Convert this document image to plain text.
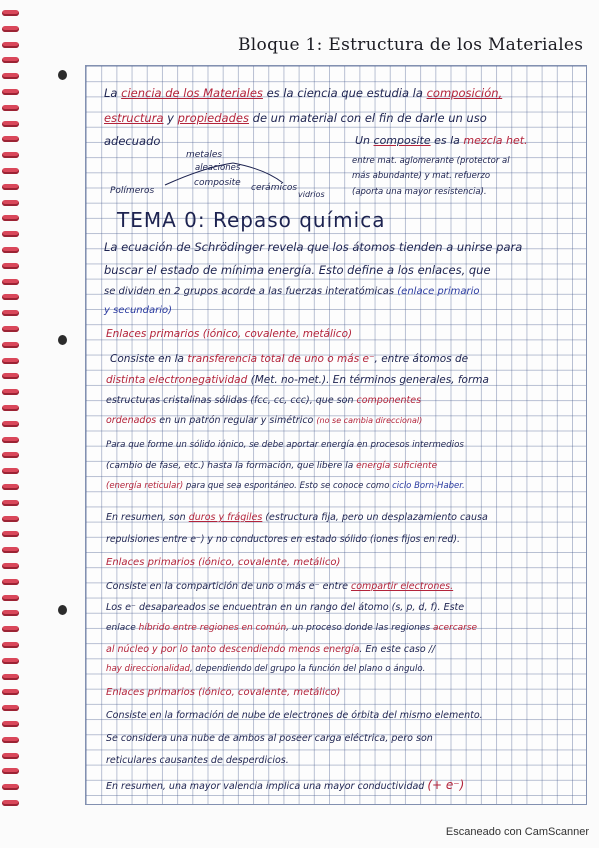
Bloque 1: Estructura de los Materiales
La ciencia de los Materiales es la ciencia que estudia la composición,
estructura y propiedades de un material con el fin de darle un uso
adecuado	Un composite es la mezcla het.
entre mat. aglomerante (protector al
más abundante) y mat. refuerzo
(aporta una mayor resistencia).
metales
aleaciones
composite
Polímeros	cerámicos
vidrios
TEMA 0: Repaso química
La ecuación de Schrödinger revela que los átomos tienden a unirse para
buscar el estado de mínima energía. Esto define a los enlaces, que
se dividen en 2 grupos acorde a las fuerzas interatómicas (enlace primario
y secundario)
Enlaces primarios (iónico, covalente, metálico)
Consiste en la transferencia total de uno o más e⁻, entre átomos de
distinta electronegatividad (Met. no-met.). En términos generales, forma
estructuras cristalinas sólidas (fcc, cc, ccc), que son componentes
ordenados en un patrón regular y simétrico (no se cambia direccional)
Para que forme un sólido iónico, se debe aportar energía en procesos intermedios
(cambio de fase, etc.) hasta la formación, que libere la energía suficiente
(energía reticular) para que sea espontáneo. Esto se conoce como ciclo Born-Haber.
En resumen, son duros y frágiles (estructura fija, pero un desplazamiento causa
repulsiones entre e⁻) y no conductores en estado sólido (iones fijos en red).
Enlaces primarios (iónico, covalente, metálico)
Consiste en la compartición de uno o más e⁻ entre compartir electrones.
Los e⁻ desapareados se encuentran en un rango del átomo (s, p, d, f). Este
enlace híbrido entre regiones en común, un proceso donde las regiones acercarse
al núcleo y por lo tanto descendiendo menos energía. En este caso //
hay direccionalidad, dependiendo del grupo la función del plano o ángulo.
Enlaces primarios (iónico, covalente, metálico)
Consiste en la formación de nube de electrones de órbita del mismo elemento.
Se considera una nube de ambos al poseer carga eléctrica, pero son
reticulares causantes de desperdicios.
En resumen, una mayor valencia implica una mayor conductividad (+ e⁻)
Escaneado con CamScanner
